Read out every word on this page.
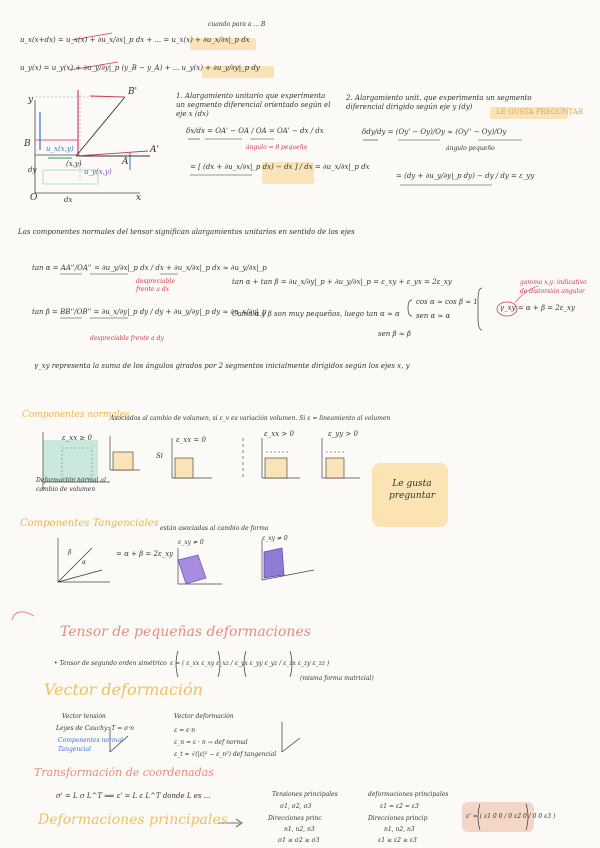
u_x(x+dx) = u_x(x) + ∂u_x/∂x|_p dx + ... = u_x(x) + ∂u_x/∂x|_p dx
u_y(x) = u_y(x) + ∂u_y/∂y|_p (y_B − y_A) + ... u_y(x) + ∂u_y/∂y|_p dy
cuando para a ... B
B'
A'
B
A
O	x
y
dy
dx
(x,y)
u_y(x,y)
u_x(x,y)
1. Alargamiento unitario que experimenta un segmento diferencial orientado según el eje x (dx)
δx/dx = OA' − OA / OA = OA' − dx / dx
ángulo = θ pequeño
= [ (dx + ∂u_x/∂x|_p dx) − dx ] / dx = ∂u_x/∂x|_p dx
2. Alargamiento unit. que experimenta un segmento diferencial dirigido según eje y (dy)
LE GUSTA PREGUNTAR
δdy/dy = (Oy' − Oy)/Oy ≈ (Oy'' − Oy)/Oy
ángulo pequeño
= (dy + ∂u_y/∂y|_p dy) − dy / dy = ε_yy
Las componentes normales del tensor significan alargamientos unitarios en sentido de los ejes
tan α = AA''/OA'' = ∂u_y/∂x|_p dx / dx + ∂u_x/∂x|_p dx ≈ ∂u_y/∂x|_p
despreciable
frente a dx
tan β = BB''/OB'' = ∂u_x/∂y|_p dy / dy + ∂u_y/∂y|_p dy ≈ ∂u_x/∂y|_p
despreciable frente a dy
tan α + tan β = ∂u_x/∂y|_p + ∂u_y/∂x|_p = ε_xy + ε_yx = 2ε_xy
Como α y β son muy pequeños, luego tan α ≈ α
cos α ≈ cos β ≈ 1
sen α ≈ α
sen β ≈ β
γ_xy = α + β = 2ε_xy
gamma x,y: indicativo de distorsión angular
γ_xy representa la suma de los ángulos girados por 2 segmentos inicialmente dirigidos según los ejes x, y
Componentes normales
Asociados al cambio de volumen, si ε_v es variación volumen. Si ε = lineamiento al volumen
ε_xx ≥ 0
Deformación normal al cambio de volumen
Si
ε_xx = 0
ε_xx > 0	ε_yy > 0
Le gusta preguntar
Componentes Tangenciales están asociadas al cambio de forma
= α + β = 2ε_xy
α
β
ε_xy ≠ 0
ε_xy ≠ 0
Tensor de pequeñas deformaciones
• Tensor de segundo orden simétrico ε = ( ε_xx ε_xy ε_xz / ε_yx ε_yy ε_yz / ε_zx ε_zy ε_zz )
(misma forma matricial)
Vector deformación
Vector tensión
Leyes de Cauchy: T = σ·n
Componentes normal
Tangencial
Vector deformación
ε = ε·n
ε_n = ε · n → def normal
ε_t = √(|ε|² − ε_n²) def tangencial
Transformación de coordenadas
σ' = L σ L^T ⟹ ε' = L ε L^T donde L es ...
Deformaciones principales
Tensiones principales
σ1, σ2, σ3
Direcciones princ
n1, n2, n3
σ1 ≥ σ2 ≥ σ3
deformaciones principales
ε1 = ε2 = ε3
Direcciones princip
n1, n2, n3
ε1 ≥ ε2 ≥ ε3
ε' = ( ε1 0 0 / 0 ε2 0 / 0 0 ε3 )
